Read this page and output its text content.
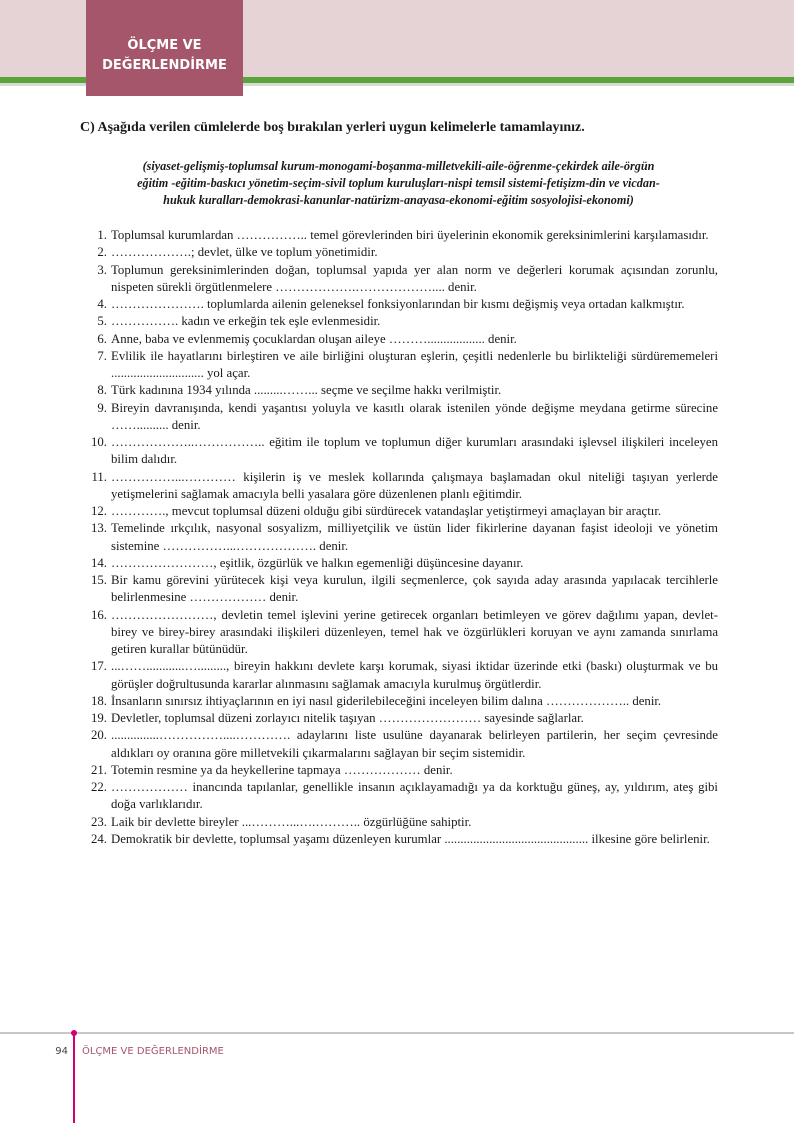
ÖLÇME VE
DEĞERLENDİRME
C) Aşağıda verilen cümlelerde boş bırakılan yerleri uygun kelimelerle tamamlayınız.
(siyaset-gelişmiş-toplumsal kurum-monogami-boşanma-milletvekili-aile-öğrenme-çekirdek aile-örgün
eğitim -eğitim-baskıcı yönetim-seçim-sivil toplum kuruluşları-nispi temsil sistemi-fetişizm-din ve vicdan-
hukuk kuralları-demokrasi-kanunlar-natürizm-anayasa-ekonomi-eğitim sosyolojisi-ekonomi)
1. Toplumsal kurumlardan …………….. temel görevlerinden biri üyelerinin ekonomik gereksinimlerini karşılamasıdır.
2. ……………….; devlet, ülke ve toplum yönetimidir.
3. Toplumun gereksinimlerinden doğan, toplumsal yapıda yer alan norm ve değerleri korumak açısından zorunlu, nispeten sürekli örgütlenmelere ……………….……………….... denir.
4. …………………. toplumlarda ailenin geleneksel fonksiyonlarından bir kısmı değişmiş veya ortadan kalkmıştır.
5. ……………. kadın ve erkeğin tek eşle evlenmesidir.
6. Anne, baba ve evlenmemiş çocuklardan oluşan aileye ……….................. denir.
7. Evlilik ile hayatlarını birleştiren ve aile birliğini oluşturan eşlerin, çeşitli nedenlerle bu birlikteliği sürdürememeleri ............................. yol açar.
8. Türk kadınına 1934 yılında .........……... seçme ve seçilme hakkı verilmiştir.
9. Bireyin davranışında, kendi yaşantısı yoluyla ve kasıtlı olarak istenilen yönde değişme meydana getirme sürecine …….......... denir.
10. ………………..…………….. eğitim ile toplum ve toplumun diğer kurumları arasındaki işlevsel ilişkileri inceleyen bilim dalıdır.
11. ……………...………… kişilerin iş ve meslek kollarında çalışmaya başlamadan okul niteliği taşıyan yerlerde yetişmelerini sağlamak amacıyla belli yasalara göre düzenlenen planlı eğitimdir.
12. …………., mevcut toplumsal düzeni olduğu gibi sürdürecek vatandaşlar yetiştirmeyi amaçlayan bir araçtır.
13. Temelinde ırkçılık, nasyonal sosyalizm, milliyetçilik ve üstün lider fikirlerine dayanan faşist ideoloji ve yönetim sistemine ……………...………………. denir.
14. ……………………, eşitlik, özgürlük ve halkın egemenliği düşüncesine dayanır.
15. Bir kamu görevini yürütecek kişi veya kurulun, ilgili seçmenlerce, çok sayıda aday arasında yapılacak tercihlerle belirlenmesine ……………… denir.
16. ……………………, devletin temel işlevini yerine getirecek organları betimleyen ve görev dağılımı yapan, devlet-birey ve birey-birey arasındaki ilişkileri düzenleyen, temel hak ve özgürlükleri koruyan ve aynı zamanda sınırlama getiren kurallar bütünüdür.
17. ...……............…........., bireyin hakkını devlete karşı korumak, siyasi iktidar üzerinde etki (baskı) oluşturmak ve bu görüşler doğrultusunda kararlar alınmasını sağlamak amacıyla kurulmuş örgütlerdir.
18. İnsanların sınırsız ihtiyaçlarının en iyi nasıl giderilebileceğini inceleyen bilim dalına ……………….. denir.
19. Devletler, toplumsal düzeni zorlayıcı nitelik taşıyan …………………… sayesinde sağlarlar.
20. ...............……………....…………. adaylarını liste usulüne dayanarak belirleyen partilerin, her seçim çevresinde aldıkları oy oranına göre milletvekili çıkarmalarını sağlayan bir seçim sistemidir.
21. Totemin resmine ya da heykellerine tapmaya ……………… denir.
22. ……………… inancında tapılanlar, genellikle insanın açıklayamadığı ya da korktuğu güneş, ay, yıldırım, ateş gibi doğa varlıklarıdır.
23. Laik bir devlette bireyler ...………...….……….. özgürlüğüne sahiptir.
24. Demokratik bir devlette, toplumsal yaşamı düzenleyen kurumlar ............................................. ilkesine göre belirlenir.
94 ÖLÇME VE DEĞERLENDİRME
